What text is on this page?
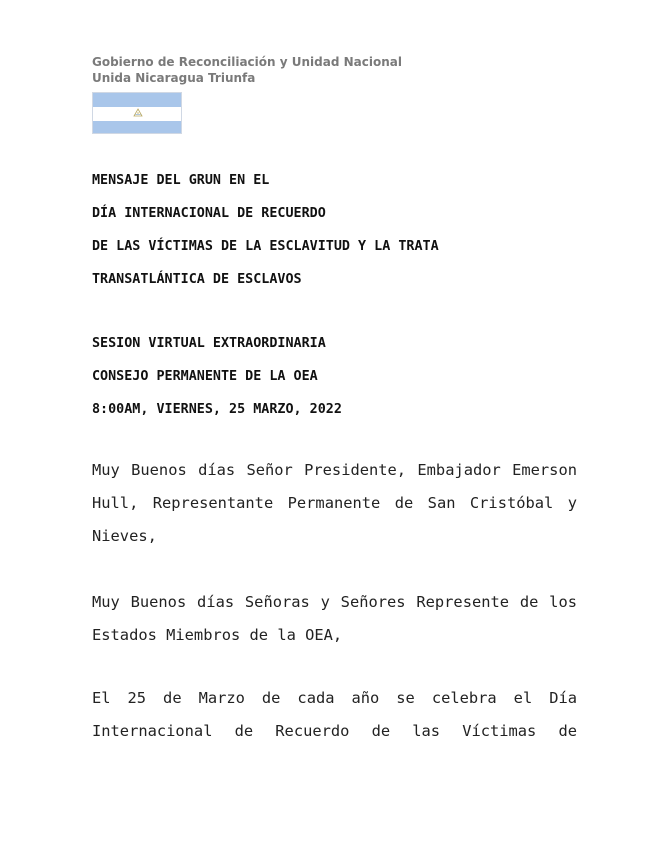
Gobierno de Reconciliación y Unidad Nacional
Unida Nicaragua Triunfa
MENSAJE DEL GRUN EN EL
DÍA INTERNACIONAL DE RECUERDO
DE LAS VÍCTIMAS DE LA ESCLAVITUD Y LA TRATA
TRANSATLÁNTICA DE ESCLAVOS
SESION VIRTUAL EXTRAORDINARIA
CONSEJO PERMANENTE DE LA OEA
8:00AM, VIERNES, 25 MARZO, 2022
Muy Buenos días Señor Presidente, Embajador Emerson Hull, Representante Permanente de San Cristóbal y Nieves,
Muy Buenos días Señoras y Señores Represente de los Estados Miembros de la OEA,
El 25 de Marzo de cada año se celebra el Día Internacional de Recuerdo de las Víctimas de
